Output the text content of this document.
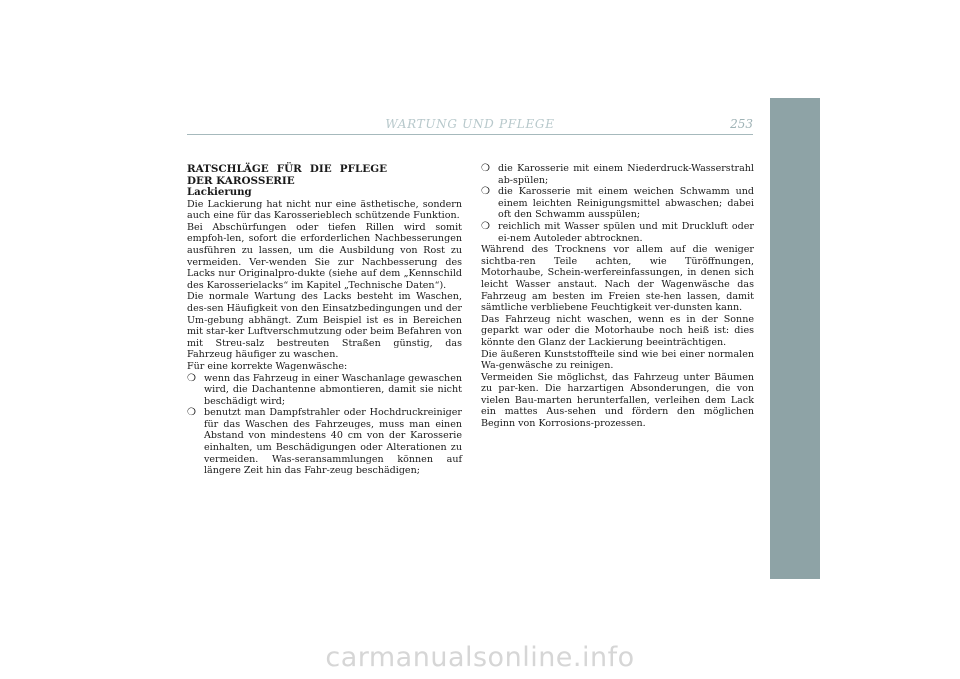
WARTUNG UND PFLEGE	253

RATSCHLÄGE FÜR DIE PFLEGE DER KAROSSERIE

Lackierung

Die Lackierung hat nicht nur eine ästhetische, sondern auch eine für das Karosserieblech schützende Funktion.

Bei Abschürfungen oder tiefen Rillen wird somit empfoh-len, sofort die erforderlichen Nachbesserungen ausführen zu lassen, um die Ausbildung von Rost zu vermeiden. Ver-wenden Sie zur Nachbesserung des Lacks nur Originalpro-dukte (siehe auf dem „Kennschild des Karosserielacks“ im Kapitel „Technische Daten“).

Die normale Wartung des Lacks besteht im Waschen, des-sen Häufigkeit von den Einsatzbedingungen und der Um-gebung abhängt. Zum Beispiel ist es in Bereichen mit star-ker Luftverschmutzung oder beim Befahren von mit Streu-salz bestreuten Straßen günstig, das Fahrzeug häufiger zu waschen.

Für eine korrekte Wagenwäsche:

❍ wenn das Fahrzeug in einer Waschanlage gewaschen wird, die Dachantenne abmontieren, damit sie nicht beschädigt wird;
❍ benutzt man Dampfstrahler oder Hochdruckreiniger für das Waschen des Fahrzeuges, muss man einen Abstand von mindestens 40 cm von der Karosserie einhalten, um Beschädigungen oder Alterationen zu vermeiden. Was-seransammlungen können auf längere Zeit hin das Fahr-zeug beschädigen;
❍ die Karosserie mit einem Niederdruck-Wasserstrahl ab-spülen;
❍ die Karosserie mit einem weichen Schwamm und einem leichten Reinigungsmittel abwaschen; dabei oft den Schwamm ausspülen;
❍ reichlich mit Wasser spülen und mit Druckluft oder ei-nem Autoleder abtrocknen.

Während des Trocknens vor allem auf die weniger sichtba-ren Teile achten, wie Türöffnungen, Motorhaube, Schein-werfereinfassungen, in denen sich leicht Wasser anstaut. Nach der Wagenwäsche das Fahrzeug am besten im Freien ste-hen lassen, damit sämtliche verbliebene Feuchtigkeit ver-dunsten kann.

Das Fahrzeug nicht waschen, wenn es in der Sonne geparkt war oder die Motorhaube noch heiß ist: dies könnte den Glanz der Lackierung beeinträchtigen.

Die äußeren Kunststoffteile sind wie bei einer normalen Wa-genwäsche zu reinigen.

Vermeiden Sie möglichst, das Fahrzeug unter Bäumen zu par-ken. Die harzartigen Absonderungen, die von vielen Bau-marten herunterfallen, verleihen dem Lack ein mattes Aus-sehen und fördern den möglichen Beginn von Korrosions-prozessen.

carmanualsonline.info
